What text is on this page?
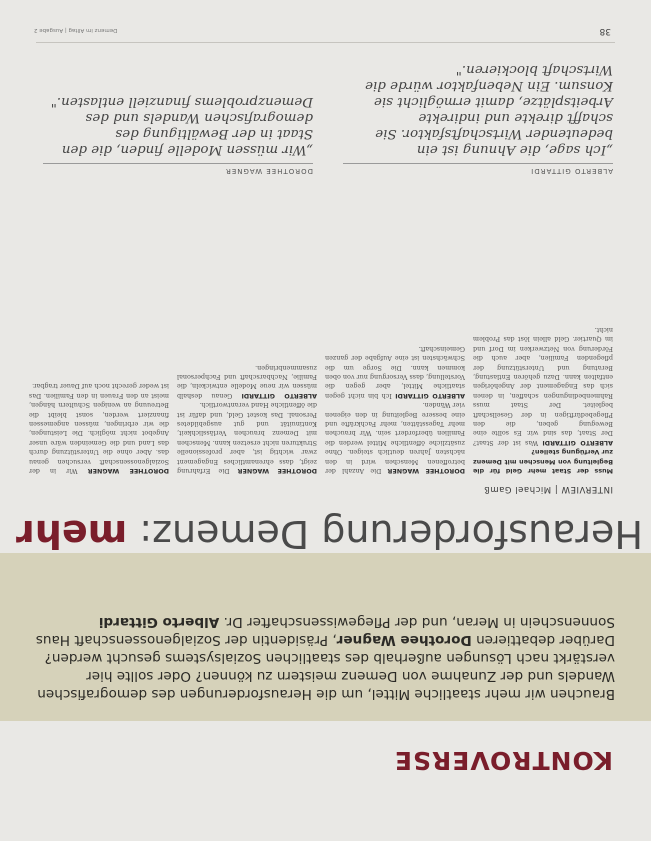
KONTROVERSE
Brauchen wir mehr staatliche Mittel, um die Herausforderungen des demografischen Wandels und der Zunahme von Demenz meistern zu können? Oder sollte hier verstärkt nach Lösungen außerhalb des staatlichen Sozialsystems gesucht werden? Darüber debattieren Dorothee Wagner, Präsidentin der Sozialgenossenschaft Haus Sonnenschein in Meran, und der Pflegewissenschafter Dr. Alberto Gittardi
Herausforderung Demenz: mehr
INTERVIEW | Michael Gamß
Muss der Staat mehr Geld für die Begleitung von Menschen mit Demenz zur Verfügung stellen?
ALBERTO GITTARDI Was ist der Staat? Der Staat, das sind wir. Es sollte eine Bewegung geben, die den Pflegebedürftigen in der Gesellschaft begleitet. Der Staat muss Rahmenbedingungen schaffen, in denen sich das Engagement der Angehörigen entfalten kann. Dazu gehören Entlastung, Beratung und Unterstützung der pflegenden Familien, aber auch die Förderung von Netzwerken im Dorf und im Quartier. Geld allein löst das Problem nicht.
DOROTHEE WAGNER Die Anzahl der betroffenen Menschen wird in den nächsten Jahren deutlich steigen. Ohne zusätzliche öffentliche Mittel werden die Familien überfordert sein. Wir brauchen mehr Tagesstätten, mehr Fachkräfte und eine bessere Begleitung in den eigenen vier Wänden.
ALBERTO GITTARDI Ich bin nicht gegen staatliche Mittel, aber gegen die Vorstellung, dass Versorgung nur von oben kommen kann. Die Sorge um die Schwächsten ist eine Aufgabe der ganzen Gemeinschaft.
DOROTHEE WAGNER Die Erfahrung zeigt, dass ehrenamtliches Engagement zwar wichtig ist, aber professionelle Strukturen nicht ersetzen kann. Menschen mit Demenz brauchen Verlässlichkeit, Kontinuität und gut ausgebildetes Personal. Das kostet Geld, und dafür ist die öffentliche Hand verantwortlich.
ALBERTO GITTARDI Genau deshalb müssen wir neue Modelle entwickeln, die Familie, Nachbarschaft und Fachpersonal zusammenbringen.
DOROTHEE WAGNER Wir in der Sozialgenossenschaft versuchen genau das. Aber ohne die Unterstützung durch das Land und die Gemeinden wäre unser Angebot nicht möglich. Die Leistungen, die wir erbringen, müssen angemessen finanziert werden, sonst bleibt die Betreuung an wenigen Schultern hängen, meist an den Frauen in den Familien. Das ist weder gerecht noch auf Dauer tragbar.
ALBERTO GITTARDI
„Ich sage, die Ahnung ist ein bedeutender Wirtschaftsfaktor. Sie schafft direkte und indirekte Arbeitsplätze, damit ermöglicht sie Konsum. Ein Nebenfaktor würde die Wirtschaft blockieren."
DOROTHEE WAGNER
„Wir müssen Modelle finden, die den Staat in der Bewältigung des demografischen Wandels und des Demenzproblems finanziell entlasten."
38
Demenz im Alltag | Ausgabe 2
